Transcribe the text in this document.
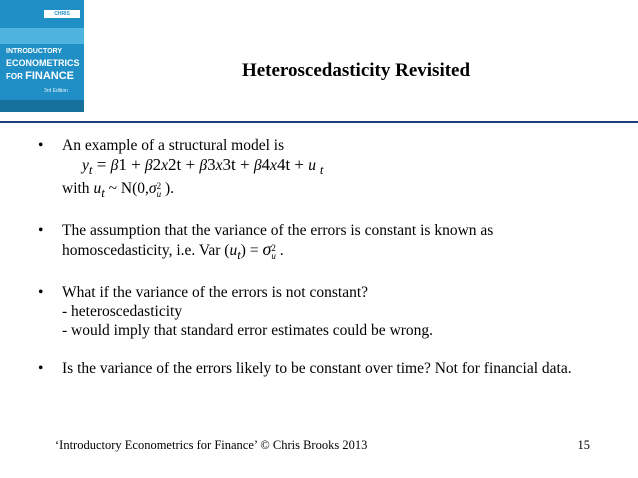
CHRIS BROOKS
INTRODUCTORY
ECONOMETRICS
FOR FINANCE
3rd Edition
Heteroscedasticity Revisited
• An example of a structural model is
$y_t = \beta 1 + \beta 2x2t + \beta 3x3t + \beta 4x4t + u$ $_t$
with $u_t$ ~ N(0,σ2
u ).
• The assumption that the variance of the errors is constant is known as
homoscedasticity, i.e. Var $(u_t) = \sigma 2$
u .
• What if the variance of the errors is not constant?
- heteroscedasticity
- would imply that standard error estimates could be wrong.
• Is the variance of the errors likely to be constant over time? Not for financial data.
‘Introductory Econometrics for Finance’ © Chris Brooks 2013	15
